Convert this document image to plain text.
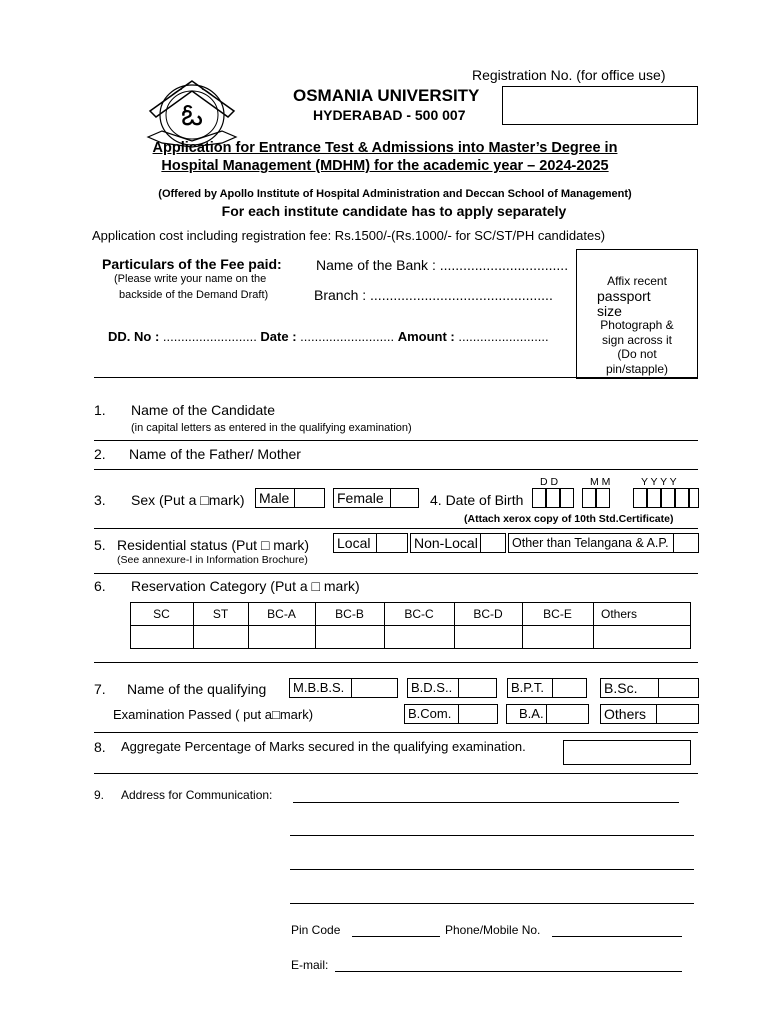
Registration No. (for office use)
ఓ
OSMANIA UNIVERSITY
HYDERABAD - 500 007
Application for Entrance Test & Admissions into Master’s Degree in
Hospital Management (MDHM) for the academic year – 2024-2025
(Offered by Apollo Institute of Hospital Administration and Deccan School of Management)
For each institute candidate has to apply separately
Application cost including registration fee: Rs.1500/-(Rs.1000/- for SC/ST/PH candidates)
Particulars of the Fee paid:
(Please write your name on the
backside of the Demand Draft)
Name of the Bank : .................................
Branch : ...............................................
DD. No : .......................... Date : .......................... Amount : .........................
Affix recent
passport
size
Photograph &
sign across it
(Do not
pin/stapple)
1. Name of the Candidate
(in capital letters as entered in the qualifying examination)
2. Name of the Father/ Mother
3. Sex (Put a □mark) Male	Female	4. Date of Birth
D D	M M	Y Y Y Y
(Attach xerox copy of 10th Std.Certificate)
5. Residential status (Put □ mark)
(See annexure-I in Information Brochure)
Local	Non-Local	Other than Telangana & A.P.
6. Reservation Category (Put a □ mark)
SC	ST	BC-A	BC-B	BC-C	BC-D	BC-E	Others
7. Name of the qualifying
Examination Passed ( put a□mark)
M.B.B.S.	B.D.S..	B.P.T.	B.Sc.
B.Com.	B.A.	Others
8. Aggregate Percentage of Marks secured in the qualifying examination.
9. Address for Communication:
Pin Code	Phone/Mobile No.
E-mail:
